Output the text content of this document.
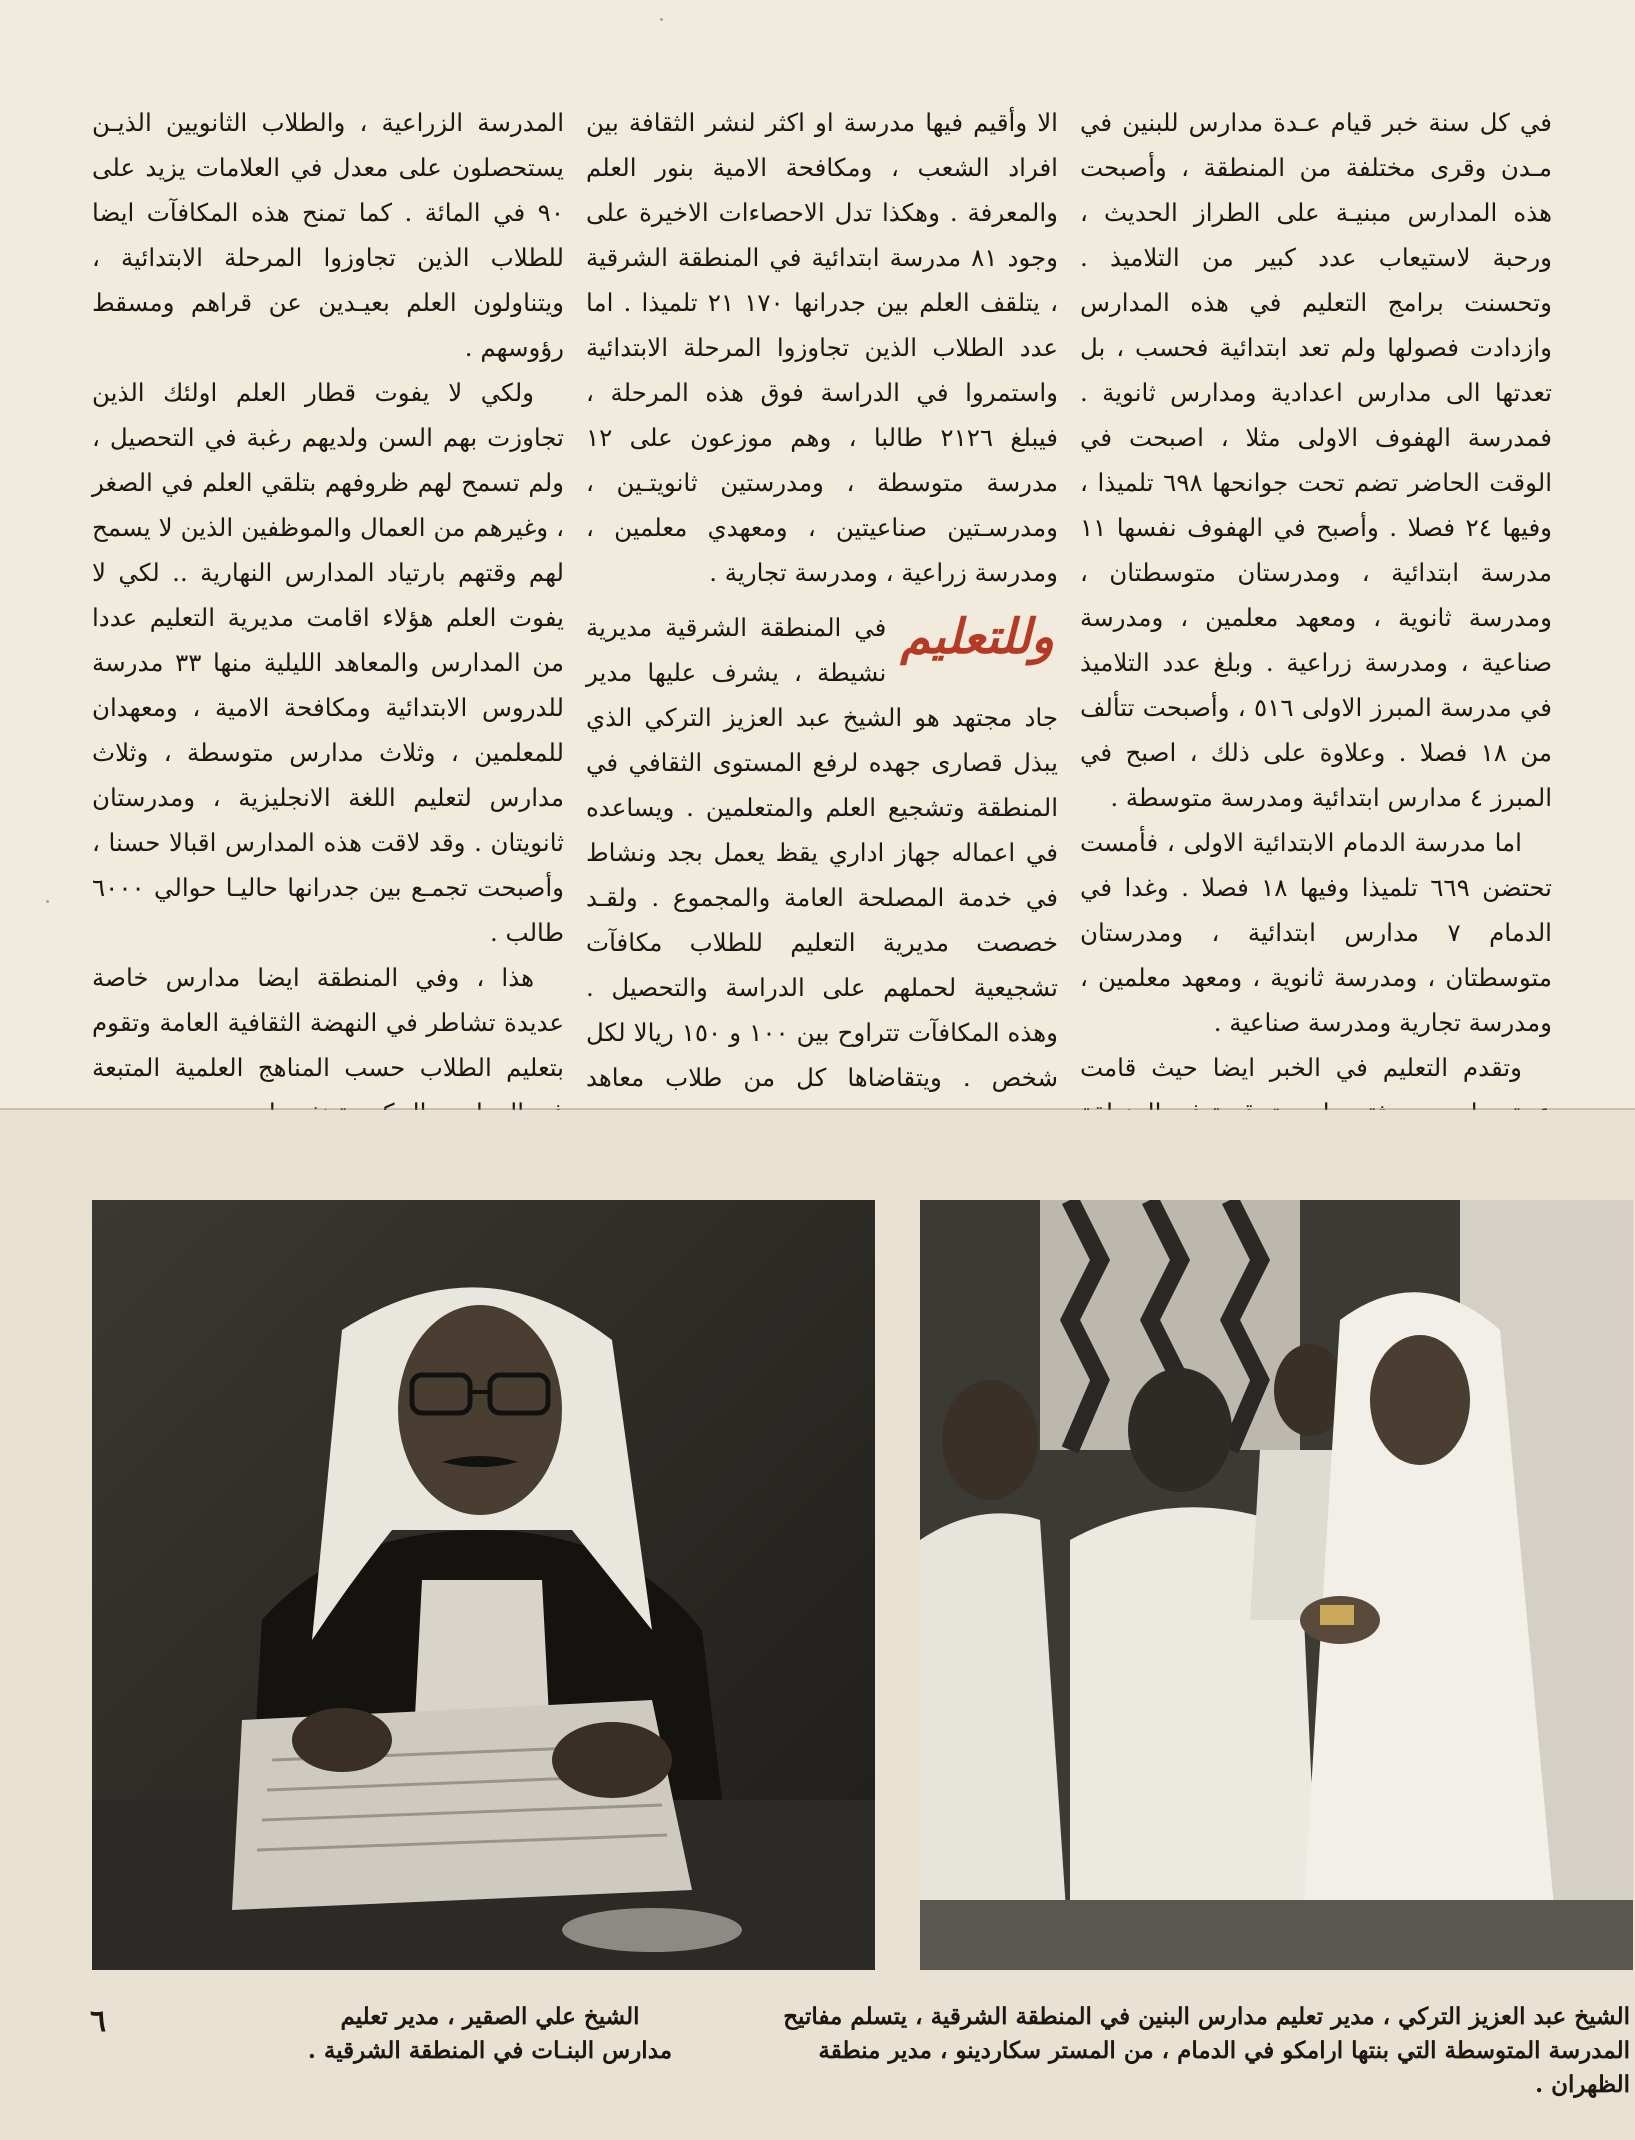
في كل سنة خبر قيام عـدة مدارس للبنين في مـدن وقرى مختلفة من المنطقة ، وأصبحت هذه المدارس مبنيـة على الطراز الحديث ، ورحبة لاستيعاب عدد كبير من التلاميذ . وتحسنت برامج التعليم في هذه المدارس وازدادت فصولها ولم تعد ابتدائية فحسب ، بل تعدتها الى مدارس اعدادية ومدارس ثانوية . فمدرسة الهفوف الاولى مثلا ، اصبحت في الوقت الحاضر تضم تحت جوانحها ٦٩٨ تلميذا ، وفيها ٢٤ فصلا . وأصبح في الهفوف نفسها ١١ مدرسة ابتدائية ، ومدرستان متوسطتان ، ومدرسة ثانوية ، ومعهد معلمين ، ومدرسة صناعية ، ومدرسة زراعية . وبلغ عدد التلاميذ في مدرسة المبرز الاولى ٥١٦ ، وأصبحت تتألف من ١٨ فصلا . وعلاوة على ذلك ، اصبح في المبرز ٤ مدارس ابتدائية ومدرسة متوسطة .

اما مدرسة الدمام الابتدائية الاولى ، فأمست تحتضن ٦٦٩ تلميذا وفيها ١٨ فصلا . وغدا في الدمام ٧ مدارس ابتدائية ، ومدرستان متوسطتان ، ومدرسة ثانوية ، ومعهد معلمين ، ومدرسة تجارية ومدرسة صناعية .

وتقدم التعليم في الخبر ايضا حيث قامت

الا وأقيم فيها مدرسة او اكثر لنشر الثقافة بين افراد الشعب ، ومكافحة الامية بنور العلم والمعرفة . وهكذا تدل الاحصاءات الاخيرة على وجود ٨١ مدرسة ابتدائية في المنطقة الشرقية ، يتلقف العلم بين جدرانها ١٧٠ ٢١ تلميذا . اما عدد الطلاب الذين تجاوزوا المرحلة الابتدائية واستمروا في الدراسة فوق هذه المرحلة ، فيبلغ ٢١٢٦ طالبا ، وهم موزعون على ١٢ مدرسة متوسطة ، ومدرستين ثانويتـين ، ومدرسـتين صناعيتين ، ومعهدي معلمين ، ومدرسة زراعية ، ومدرسة تجارية .

وللتعليم

في المنطقة الشرقية مديرية نشيطة ، يشرف عليها مدير جاد مجتهد هو الشيخ عبد العزيز التركي الذي يبذل قصارى جهده لرفع المستوى الثقافي في المنطقة وتشجيع العلم والمتعلمين . ويساعده في اعماله جهاز اداري يقظ يعمل بجد ونشاط في خدمة المصلحة العامة والمجموع . ولقـد خصصت مديرية التعليم للطلاب مكافآت تشجيعية لحملهم على الدراسة والتحصيل . وهذه المكافآت تتراوح بين ١٠٠ و ١٥٠ ريالا لكل شخص . ويتقاضاها كل من طلاب معاهد

المدرسة الزراعية ، والطلاب الثانويين الذيـن يستحصلون على معدل في العلامات يزيد على ٩٠ في المائة . كما تمنح هذه المكافآت ايضا للطلاب الذين تجاوزوا المرحلة الابتدائية ، ويتناولون العلم بعيـدين عن قراهم ومسقط رؤوسهم .

ولكي لا يفوت قطار العلم اولئك الذين تجاوزت بهم السن ولديهم رغبة في التحصيل ، ولم تسمح لهم ظروفهم بتلقي العلم في الصغر ، وغيرهم من العمال والموظفين الذين لا يسمح لهم وقتهم بارتياد المدارس النهارية .. لكي لا يفوت العلم هؤلاء اقامت مديرية التعليم عددا من المدارس والمعاهد الليلية منها ٣٣ مدرسة للدروس الابتدائية ومكافحة الامية ، ومعهدان للمعلمين ، وثلاث مدارس متوسطة ، وثلاث مدارس لتعليم اللغة الانجليزية ، ومدرستان ثانويتان . وقد لاقت هذه المدارس اقبالا حسنا ، وأصبحت تجمـع بين جدرانها حاليـا حوالي ٦٠٠٠ طالب .

هذا ، وفي المنطقة ايضا مدارس خاصة عديدة تشاطر في النهضة الثقافية العامة وتقوم بتعليم الطلاب حسب المناهج العلمية المتبعة

الشيخ عبد العزيز التركي ، مدير تعليم مدارس البنين في المنطقة الشرقية ، يتسلم مفاتيح
المدرسة المتوسطة التي بنتها ارامكو في الدمام ، من المستر سكاردينو ، مدير منطقة الظهران .
الشيخ علي الصقير ، مدير تعليم
مدارس البنـات في المنطقة الشرقية .
٦
